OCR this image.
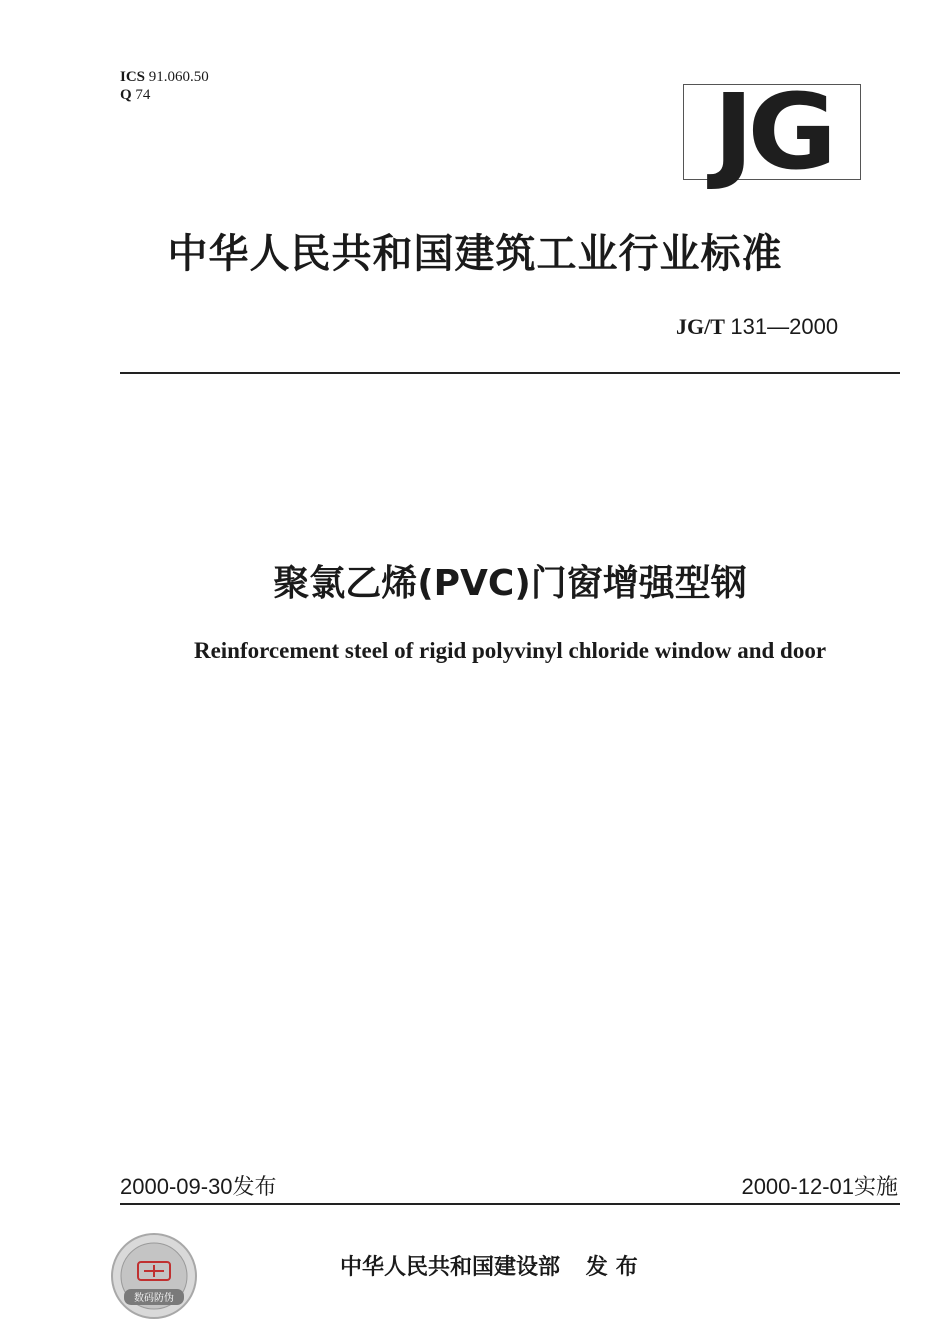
ICS 91.060.50
Q 74	JG
中华人民共和国建筑工业行业标准
JG/T 131—2000
聚氯乙烯(PVC)门窗增强型钢
Reinforcement steel of rigid polyvinyl chloride window and door
2000-09-30发布	2000-12-01实施
数码防伪
中华人民共和国建设部 发布
